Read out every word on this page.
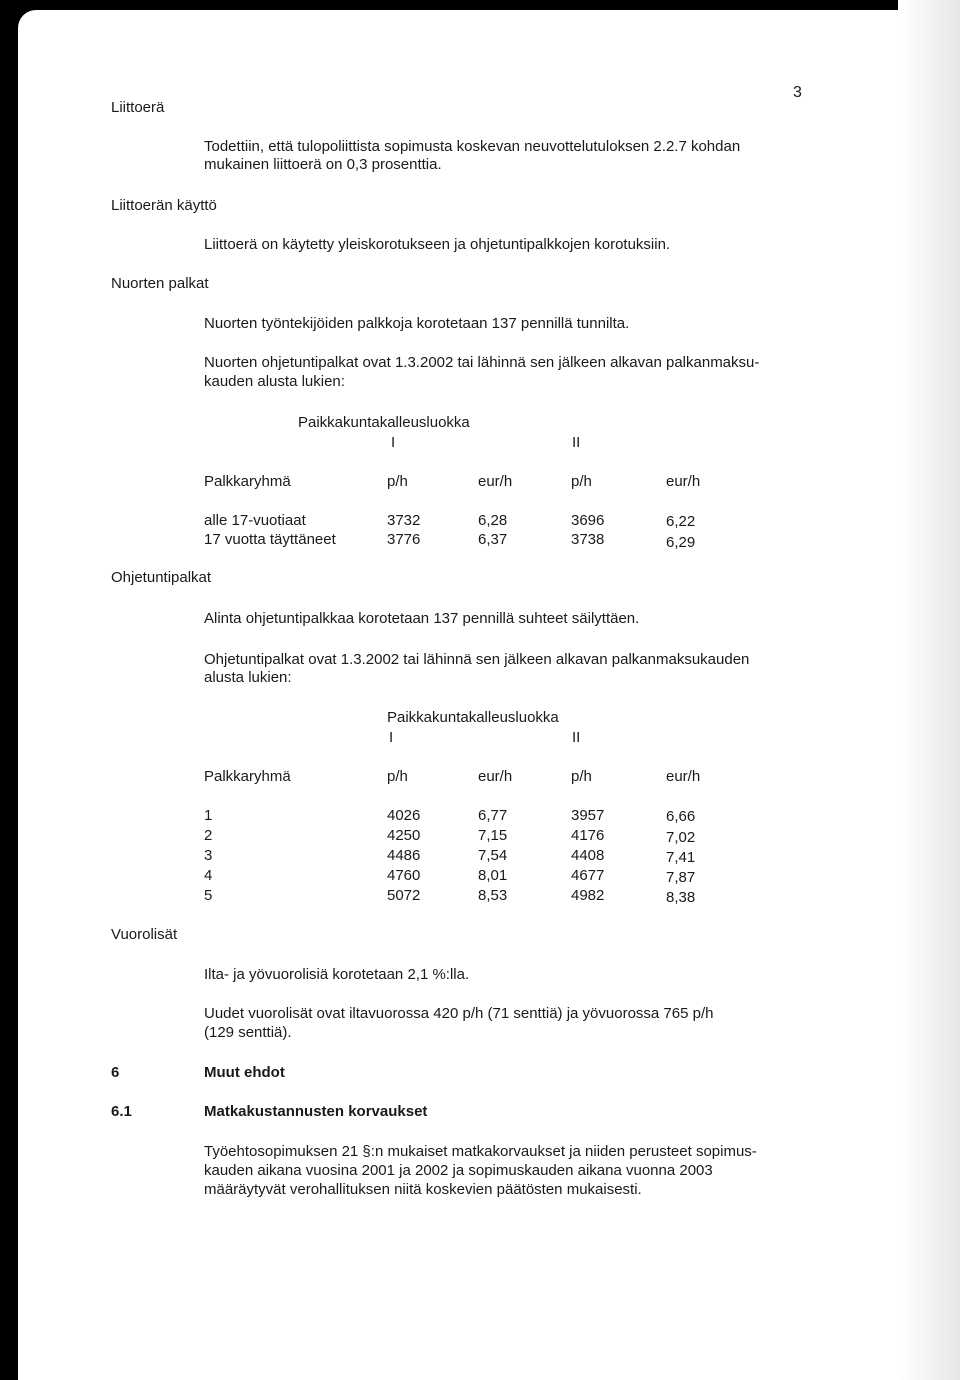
3
Liittoerä
Liittoerän käyttö
Nuorten palkat
Ohjetuntipalkat
Vuorolisät
Todettiin, että tulopoliittista sopimusta koskevan neuvottelutuloksen 2.2.7 kohdan
mukainen liittoerä on 0,3 prosenttia.
Liittoerä on käytetty yleiskorotukseen ja ohjetuntipalkkojen korotuksiin.
Nuorten työntekijöiden palkkoja korotetaan 137 pennillä tunnilta.
Nuorten ohjetuntipalkat ovat 1.3.2002 tai lähinnä sen jälkeen alkavan palkanmaksu-
kauden alusta lukien:
Paikkakuntakalleusluokka
I	II
Palkkaryhmä	p/h	eur/h	p/h	eur/h
alle 17-vuotiaat	3732	6,28	3696	6,22
17 vuotta täyttäneet	3776	6,37	3738	6,29
Alinta ohjetuntipalkkaa korotetaan 137 pennillä suhteet säilyttäen.
Ohjetuntipalkat ovat 1.3.2002 tai lähinnä sen jälkeen alkavan palkanmaksukauden
alusta lukien:
Paikkakuntakalleusluokka
I	II
Palkkaryhmä	p/h	eur/h	p/h	eur/h
1	4026	6,77	3957	6,66
2	4250	7,15	4176	7,02
3	4486	7,54	4408	7,41
4	4760	8,01	4677	7,87
5	5072	8,53	4982	8,38
Ilta- ja yövuorolisiä korotetaan 2,1 %:lla.
Uudet vuorolisät ovat iltavuorossa 420 p/h (71 senttiä) ja yövuorossa 765 p/h
(129 senttiä).
6	Muut ehdot
6.1	Matkakustannusten korvaukset
Työehtosopimuksen 21 §:n mukaiset matkakorvaukset ja niiden perusteet sopimus-
kauden aikana vuosina 2001 ja 2002 ja sopimuskauden aikana vuonna 2003
määräytyvät verohallituksen niitä koskevien päätösten mukaisesti.
